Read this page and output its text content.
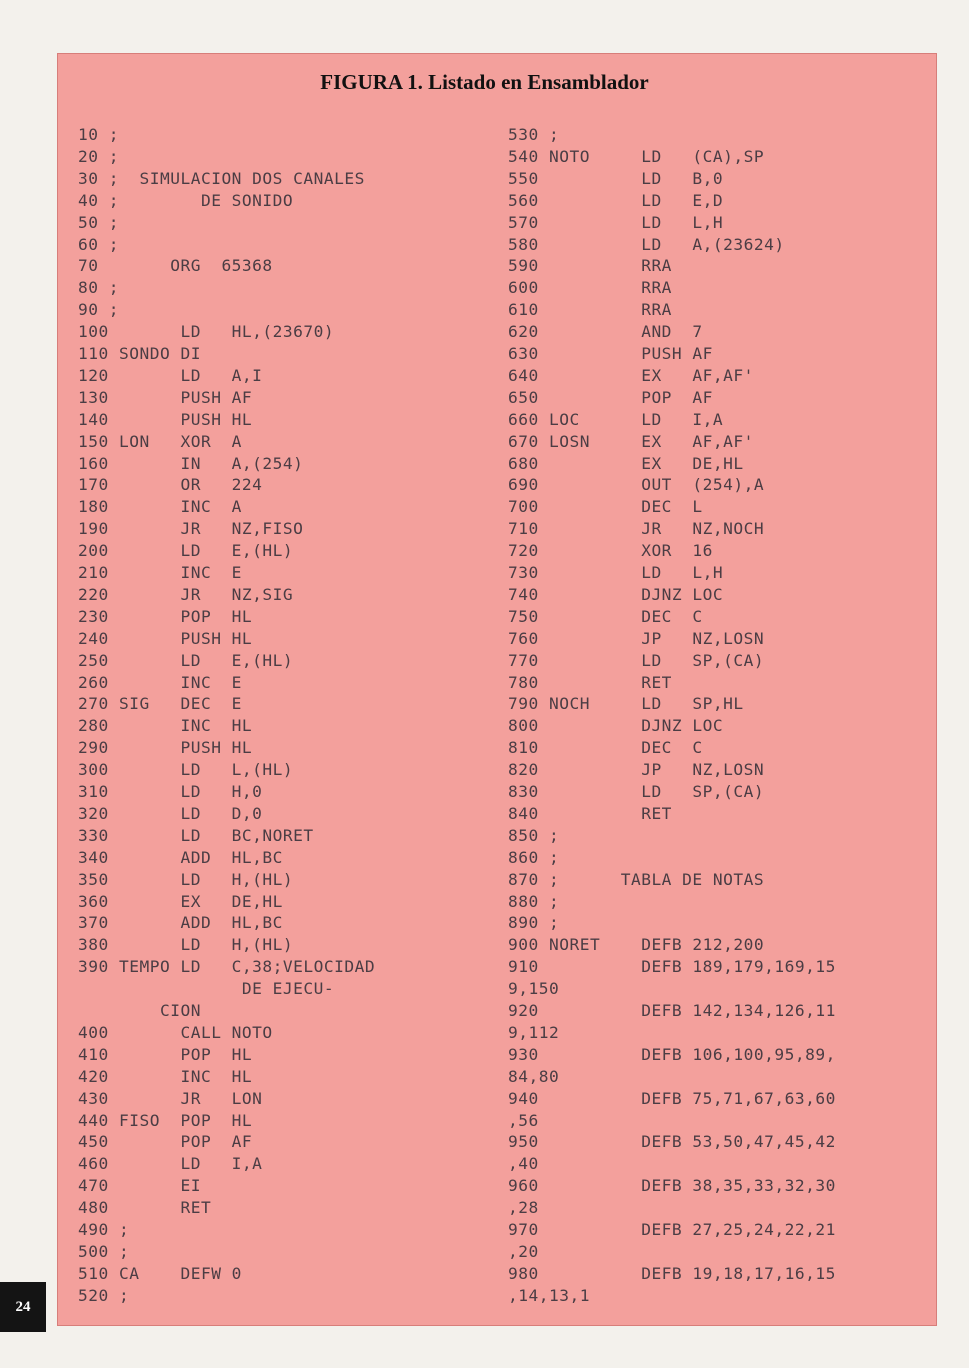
FIGURA 1. Listado en Ensamblador
10 ;
20 ;
30 ;  SIMULACION DOS CANALES
40 ;        DE SONIDO
50 ;
60 ;
70       ORG  65368
80 ;
90 ;
100       LD   HL,(23670)
110 SONDO DI
120       LD   A,I
130       PUSH AF
140       PUSH HL
150 LON   XOR  A
160       IN   A,(254)
170       OR   224
180       INC  A
190       JR   NZ,FISO
200       LD   E,(HL)
210       INC  E
220       JR   NZ,SIG
230       POP  HL
240       PUSH HL
250       LD   E,(HL)
260       INC  E
270 SIG   DEC  E
280       INC  HL
290       PUSH HL
300       LD   L,(HL)
310       LD   H,0
320       LD   D,0
330       LD   BC,NORET
340       ADD  HL,BC
350       LD   H,(HL)
360       EX   DE,HL
370       ADD  HL,BC
380       LD   H,(HL)
390 TEMPO LD   C,38;VELOCIDAD
DE EJECU-
CION
400       CALL NOTO
410       POP  HL
420       INC  HL
430       JR   LON
440 FISO  POP  HL
450       POP  AF
460       LD   I,A
470       EI
480       RET
490 ;
500 ;
510 CA    DEFW 0
520 ;
530 ;
540 NOTO     LD   (CA),SP
550          LD   B,0
560          LD   E,D
570          LD   L,H
580          LD   A,(23624)
590          RRA
600          RRA
610          RRA
620          AND  7
630          PUSH AF
640          EX   AF,AF'
650          POP  AF
660 LOC      LD   I,A
670 LOSN     EX   AF,AF'
680          EX   DE,HL
690          OUT  (254),A
700          DEC  L
710          JR   NZ,NOCH
720          XOR  16
730          LD   L,H
740          DJNZ LOC
750          DEC  C
760          JP   NZ,LOSN
770          LD   SP,(CA)
780          RET
790 NOCH     LD   SP,HL
800          DJNZ LOC
810          DEC  C
820          JP   NZ,LOSN
830          LD   SP,(CA)
840          RET
850 ;
860 ;
870 ;      TABLA DE NOTAS
880 ;
890 ;
900 NORET    DEFB 212,200
910          DEFB 189,179,169,15
9,150
920          DEFB 142,134,126,11
9,112
930          DEFB 106,100,95,89,
84,80
940          DEFB 75,71,67,63,60
,56
950          DEFB 53,50,47,45,42
,40
960          DEFB 38,35,33,32,30
,28
970          DEFB 27,25,24,22,21
,20
980          DEFB 19,18,17,16,15
,14,13,1
24
